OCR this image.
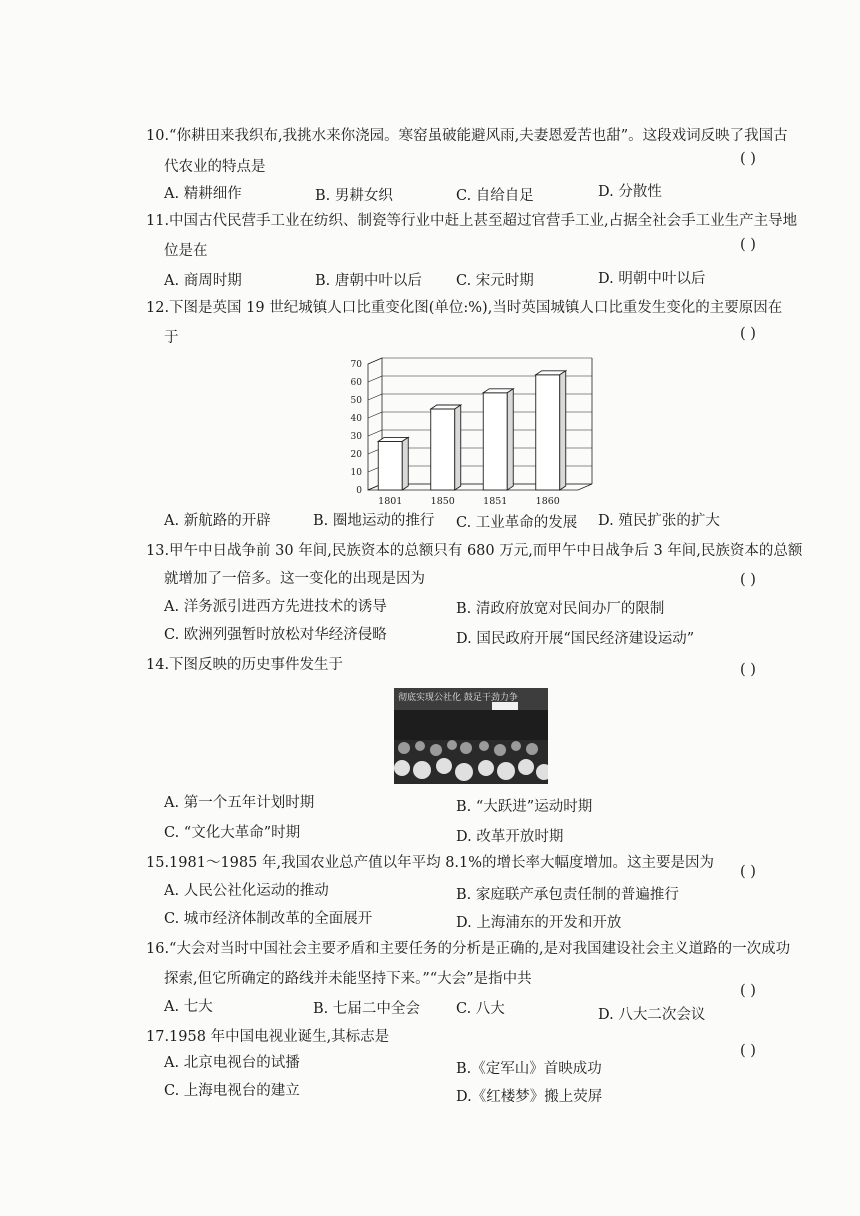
10.“你耕田来我织布,我挑水来你浇园。寒窑虽破能避风雨,夫妻恩爱苦也甜”。这段戏词反映了我国古
代农业的特点是	( )
A. 精耕细作	B. 男耕女织	C. 自给自足	D. 分散性
11.中国古代民营手工业在纺织、制瓷等行业中赶上甚至超过官营手工业,占据全社会手工业生产主导地
位是在	( )
A. 商周时期	B. 唐朝中叶以后 C. 宋元时期	D. 明朝中叶以后
12.下图是英国 19 世纪城镇人口比重变化图(单位:%),当时英国城镇人口比重发生变化的主要原因在
于	( )
0
10
20
30
40
50
60
70
1801	1850	1851	1860
A. 新航路的开辟	B. 圈地运动的推行 C. 工业革命的发展 D. 殖民扩张的扩大
13.甲午中日战争前 30 年间,民族资本的总额只有 680 万元,而甲午中日战争后 3 年间,民族资本的总额
就增加了一倍多。这一变化的出现是因为	( )
A. 洋务派引进西方先进技术的诱导	B. 清政府放宽对民间办厂的限制
C. 欧洲列强暂时放松对华经济侵略	D. 国民政府开展“国民经济建设运动”
14.下图反映的历史事件发生于	( )
彻底实现公社化 鼓足干劲力争
A. 第一个五年计划时期	B. “大跃进”运动时期
C. “文化大革命”时期	D. 改革开放时期
15.1981～1985 年,我国农业总产值以年平均 8.1%的增长率大幅度增加。这主要是因为
( )
A. 人民公社化运动的推动	B. 家庭联产承包责任制的普遍推行
C. 城市经济体制改革的全面展开	D. 上海浦东的开发和开放
16.“大会对当时中国社会主要矛盾和主要任务的分析是正确的,是对我国建设社会主义道路的一次成功
探索,但它所确定的路线并未能坚持下来。”“大会”是指中共
( )
A. 七大	B. 七届二中全会 C. 八大	D. 八大二次会议
17.1958 年中国电视业诞生,其标志是
( )
A. 北京电视台的试播	B.《定军山》首映成功
C. 上海电视台的建立	D.《红楼梦》搬上荧屏
